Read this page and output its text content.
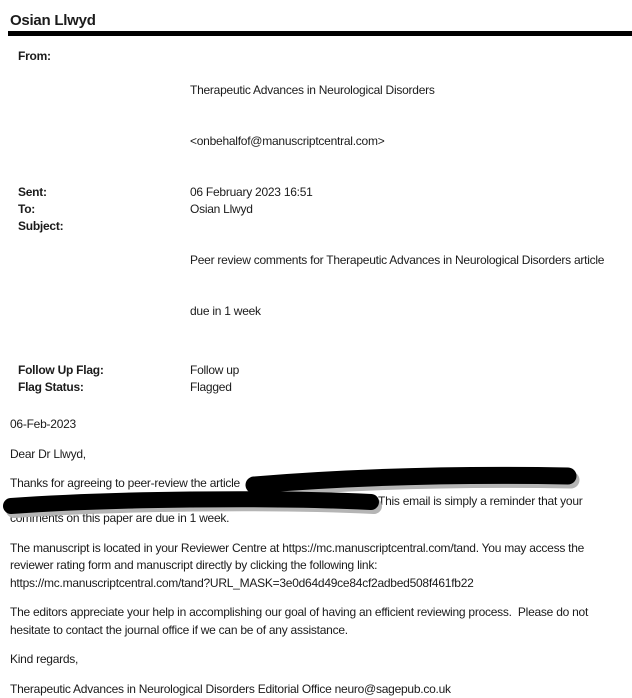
Osian Llwyd
From:

Therapeutic Advances in Neurological Disorders

<onbehalfof@manuscriptcentral.com>

Sent:	06 February 2023 16:51
To:	Osian Llwyd
Subject:

Peer review comments for Therapeutic Advances in Neurological Disorders article

due in 1 week

Follow Up Flag:	Follow up
Flag Status:	Flagged
06-Feb-2023
Dear Dr Llwyd,
Thanks for agreeing to peer-review the article
This email is simply a reminder that your
comments on this paper are due in 1 week.
The manuscript is located in your Reviewer Centre at https://mc.manuscriptcentral.com/tand. You may access the
reviewer rating form and manuscript directly by clicking the following link:
https://mc.manuscriptcentral.com/tand?URL_MASK=3e0d64d49ce84cf2adbed508f461fb22
The editors appreciate your help in accomplishing our goal of having an efficient reviewing process.  Please do not
hesitate to contact the journal office if we can be of any assistance.
Kind regards,
Therapeutic Advances in Neurological Disorders Editorial Office neuro@sagepub.co.uk
